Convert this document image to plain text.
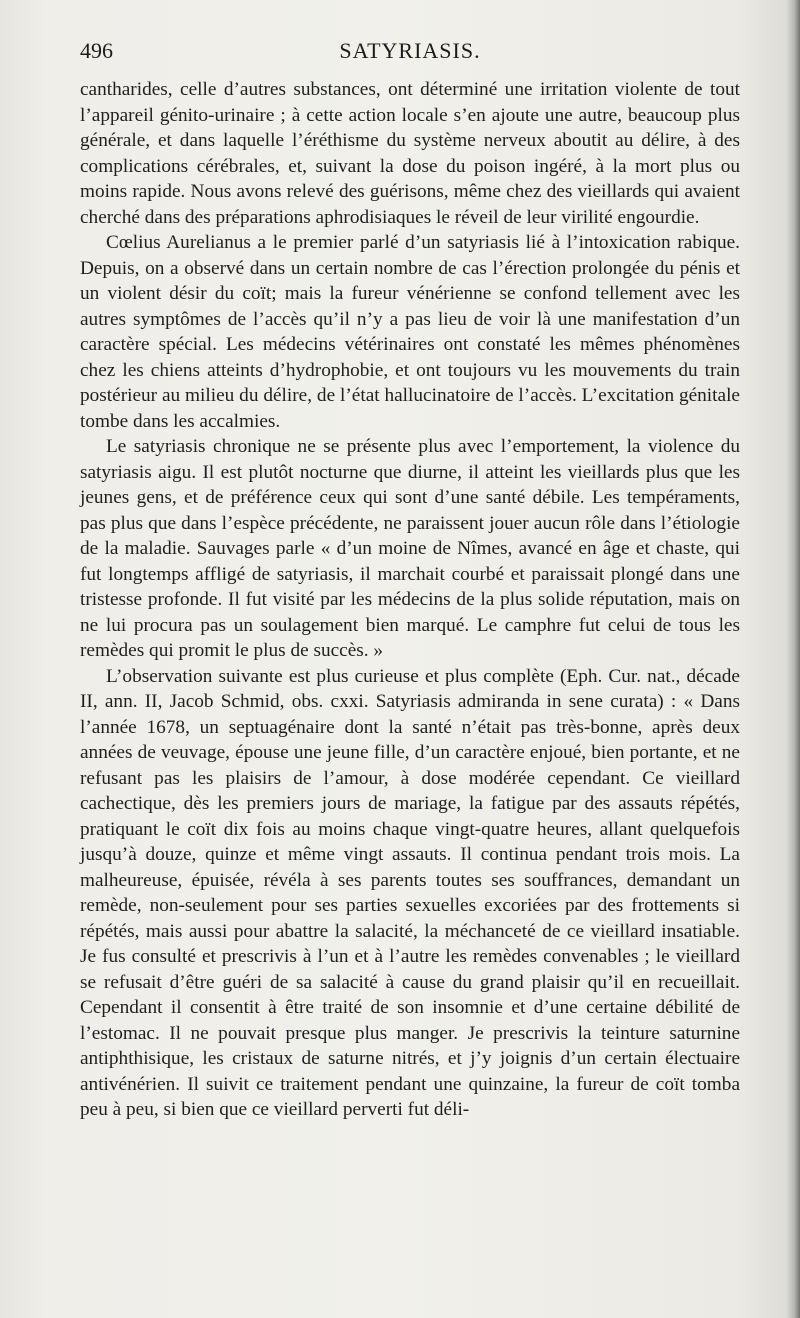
496	SATYRIASIS.

cantharides, celle d’autres substances, ont déterminé une irritation violente de tout l’appareil génito-urinaire ; à cette action locale s’en ajoute une autre, beaucoup plus générale, et dans laquelle l’éréthisme du système nerveux aboutit au délire, à des complications cérébrales, et, suivant la dose du poison ingéré, à la mort plus ou moins rapide. Nous avons relevé des guérisons, même chez des vieillards qui avaient cherché dans des préparations aphrodisiaques le réveil de leur virilité engourdie.

Cœlius Aurelianus a le premier parlé d’un satyriasis lié à l’intoxication rabique. Depuis, on a observé dans un certain nombre de cas l’érection prolongée du pénis et un violent désir du coït; mais la fureur vénérienne se confond tellement avec les autres symptômes de l’accès qu’il n’y a pas lieu de voir là une manifestation d’un caractère spécial. Les médecins vétérinaires ont constaté les mêmes phénomènes chez les chiens atteints d’hydrophobie, et ont toujours vu les mouvements du train postérieur au milieu du délire, de l’état hallucinatoire de l’accès. L’excitation génitale tombe dans les accalmies.

Le satyriasis chronique ne se présente plus avec l’emportement, la violence du satyriasis aigu. Il est plutôt nocturne que diurne, il atteint les vieillards plus que les jeunes gens, et de préférence ceux qui sont d’une santé débile. Les tempéraments, pas plus que dans l’espèce précédente, ne paraissent jouer aucun rôle dans l’étiologie de la maladie. Sauvages parle « d’un moine de Nîmes, avancé en âge et chaste, qui fut longtemps affligé de satyriasis, il marchait courbé et paraissait plongé dans une tristesse profonde. Il fut visité par les médecins de la plus solide réputation, mais on ne lui procura pas un soulagement bien marqué. Le camphre fut celui de tous les remèdes qui promit le plus de succès. »

L’observation suivante est plus curieuse et plus complète (Eph. Cur. nat., décade II, ann. II, Jacob Schmid, obs. cxxi. Satyriasis admiranda in sene curata) : « Dans l’année 1678, un septuagénaire dont la santé n’était pas très-bonne, après deux années de veuvage, épouse une jeune fille, d’un caractère enjoué, bien portante, et ne refusant pas les plaisirs de l’amour, à dose modérée cependant. Ce vieillard cachectique, dès les premiers jours de mariage, la fatigue par des assauts répétés, pratiquant le coït dix fois au moins chaque vingt-quatre heures, allant quelquefois jusqu’à douze, quinze et même vingt assauts. Il continua pendant trois mois. La malheureuse, épuisée, révéla à ses parents toutes ses souffrances, demandant un remède, non-seulement pour ses parties sexuelles excoriées par des frottements si répétés, mais aussi pour abattre la salacité, la méchanceté de ce vieillard insatiable. Je fus consulté et prescrivis à l’un et à l’autre les remèdes convenables ; le vieillard se refusait d’être guéri de sa salacité à cause du grand plaisir qu’il en recueillait. Cependant il consentit à être traité de son insomnie et d’une certaine débilité de l’estomac. Il ne pouvait presque plus manger. Je prescrivis la teinture saturnine antiphthisique, les cristaux de saturne nitrés, et j’y joignis d’un certain électuaire antivénérien. Il suivit ce traitement pendant une quinzaine, la fureur de coït tomba peu à peu, si bien que ce vieillard perverti fut déli-
